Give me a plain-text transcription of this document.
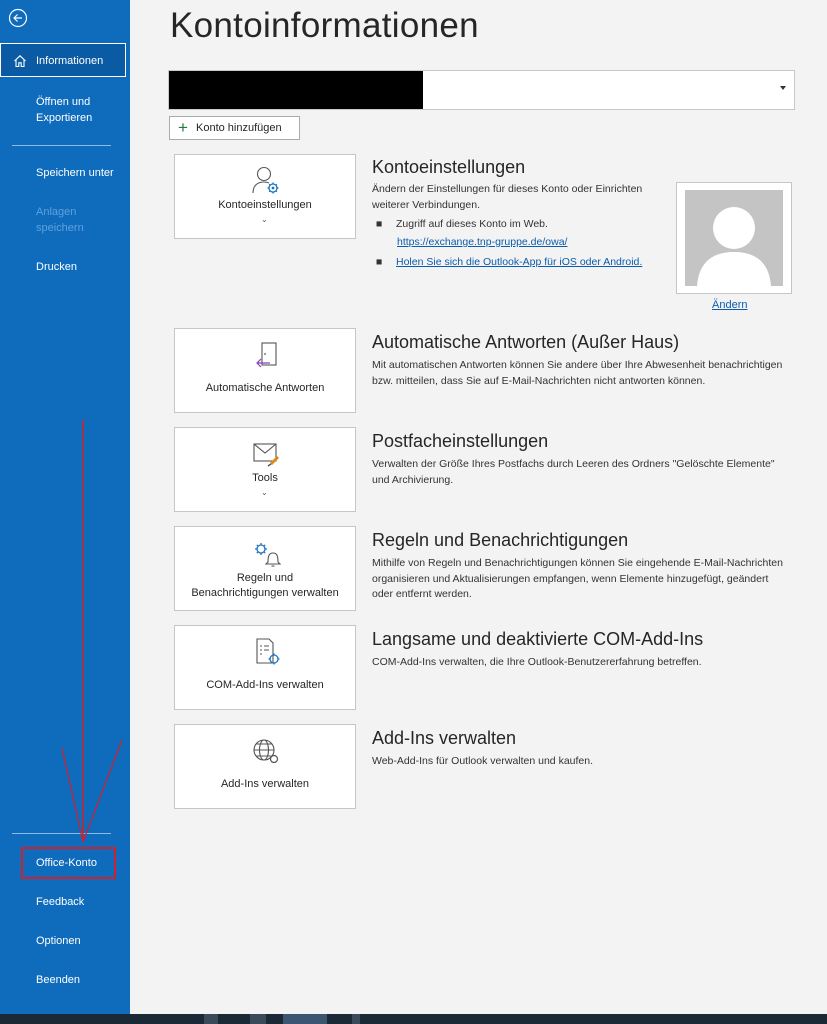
Informationen
Öffnen und
Exportieren
Speichern unter
Anlagen
speichern
Drucken
Office-Konto
Feedback
Optionen
Beenden
Kontoinformationen
+ Konto hinzufügen
Kontoeinstellungen
⌄
Kontoeinstellungen
Ändern der Einstellungen für dieses Konto oder Einrichten weiterer Verbindungen.
■ Zugriff auf dieses Konto im Web.
https://exchange.tnp-gruppe.de/owa/
■ Holen Sie sich die Outlook-App für iOS oder Android.
Ändern
Automatische Antworten
Automatische Antworten (Außer Haus)
Mit automatischen Antworten können Sie andere über Ihre Abwesenheit benachrichtigen bzw. mitteilen, dass Sie auf E-Mail-Nachrichten nicht antworten können.
Tools
⌄
Postfacheinstellungen
Verwalten der Größe Ihres Postfachs durch Leeren des Ordners "Gelöschte Elemente" und Archivierung.
Regeln und
Benachrichtigungen verwalten
Regeln und Benachrichtigungen
Mithilfe von Regeln und Benachrichtigungen können Sie eingehende E-Mail-Nachrichten organisieren und Aktualisierungen empfangen, wenn Elemente hinzugefügt, geändert oder entfernt werden.
COM-Add-Ins verwalten
Langsame und deaktivierte COM-Add-Ins
COM-Add-Ins verwalten, die Ihre Outlook-Benutzererfahrung betreffen.
Add-Ins verwalten
Add-Ins verwalten
Web-Add-Ins für Outlook verwalten und kaufen.
